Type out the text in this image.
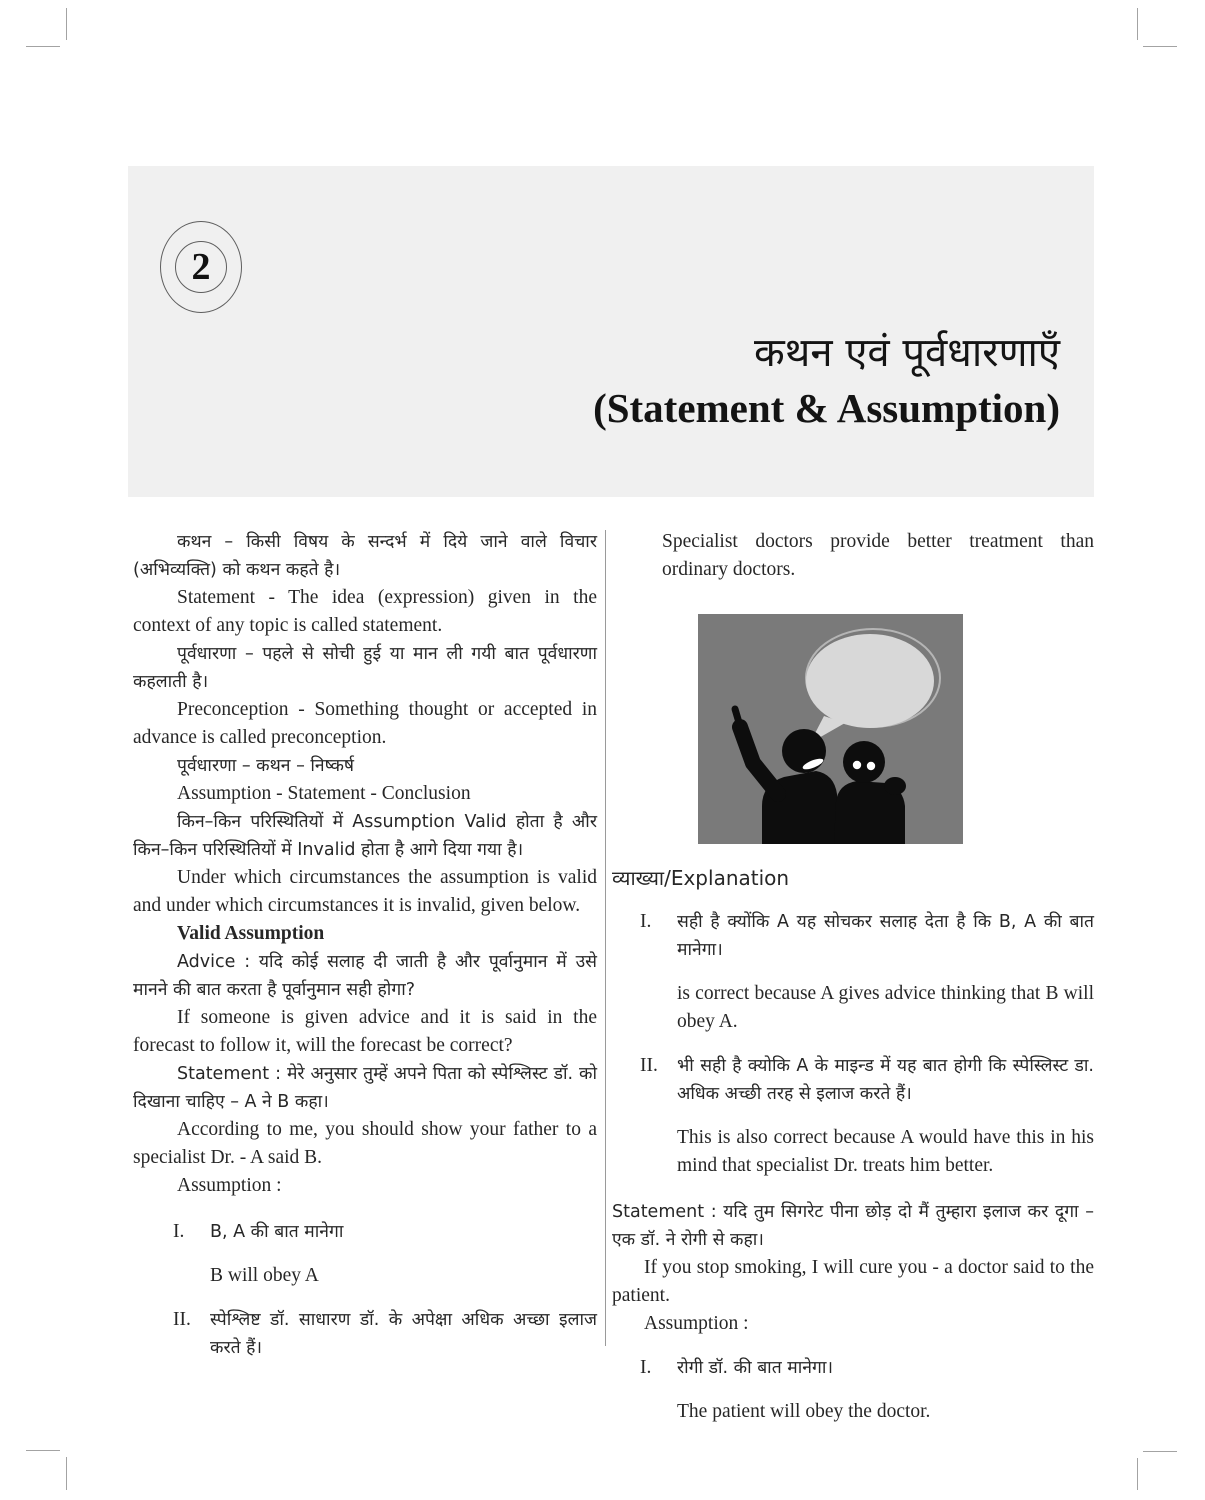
2
कथन एवं पूर्वधारणाएँ
(Statement & Assumption)

कथन – किसी विषय के सन्दर्भ में दिये जाने वाले विचार (अभिव्यक्ति) को कथन कहते है।

Statement - The idea (expression) given in the context of any topic is called statement.

पूर्वधारणा – पहले से सोची हुई या मान ली गयी बात पूर्वधारणा कहलाती है।

Preconception - Something thought or accepted in advance is called preconception.

पूर्वधारणा – कथन – निष्कर्ष

Assumption - Statement - Conclusion

किन–किन परिस्थितियों में Assumption Valid होता है और किन–किन परिस्थितियों में Invalid होता है आगे दिया गया है।

Under which circumstances the assumption is valid and under which circumstances it is invalid, given below.

Valid Assumption

Advice : यदि कोई सलाह दी जाती है और पूर्वानुमान में उसे मानने की बात करता है पूर्वानुमान सही होगा?

If someone is given advice and it is said in the forecast to follow it, will the forecast be correct?

Statement : मेरे अनुसार तुम्हें अपने पिता को स्पेश्लिस्ट डॉ. को दिखाना चाहिए – A ने B कहा।

According to me, you should show your father to a specialist Dr. - A said B.

Assumption :

I.	B, A की बात मानेगा

B will obey A

II.	स्पेश्लिष्ट डॉ. साधारण डॉ. के अपेक्षा अधिक अच्छा इलाज करते हैं।

Specialist doctors provide better treatment than ordinary doctors.

व्याख्या/Explanation

I.	सही है क्योंकि A यह सोचकर सलाह देता है कि B, A की बात मानेगा।

is correct because A gives advice thinking that B will obey A.

II.	भी सही है क्योकि A के माइन्ड में यह बात होगी कि स्पेस्लिस्ट डा. अधिक अच्छी तरह से इलाज करते हैं।

This is also correct because A would have this in his mind that specialist Dr. treats him better.

Statement : यदि तुम सिगरेट पीना छोड़ दो मैं तुम्हारा इलाज कर दूगा – एक डॉ. ने रोगी से कहा।

If you stop smoking, I will cure you - a doctor said to the patient.

Assumption :

I.	रोगी डॉ. की बात मानेगा।

The patient will obey the doctor.
